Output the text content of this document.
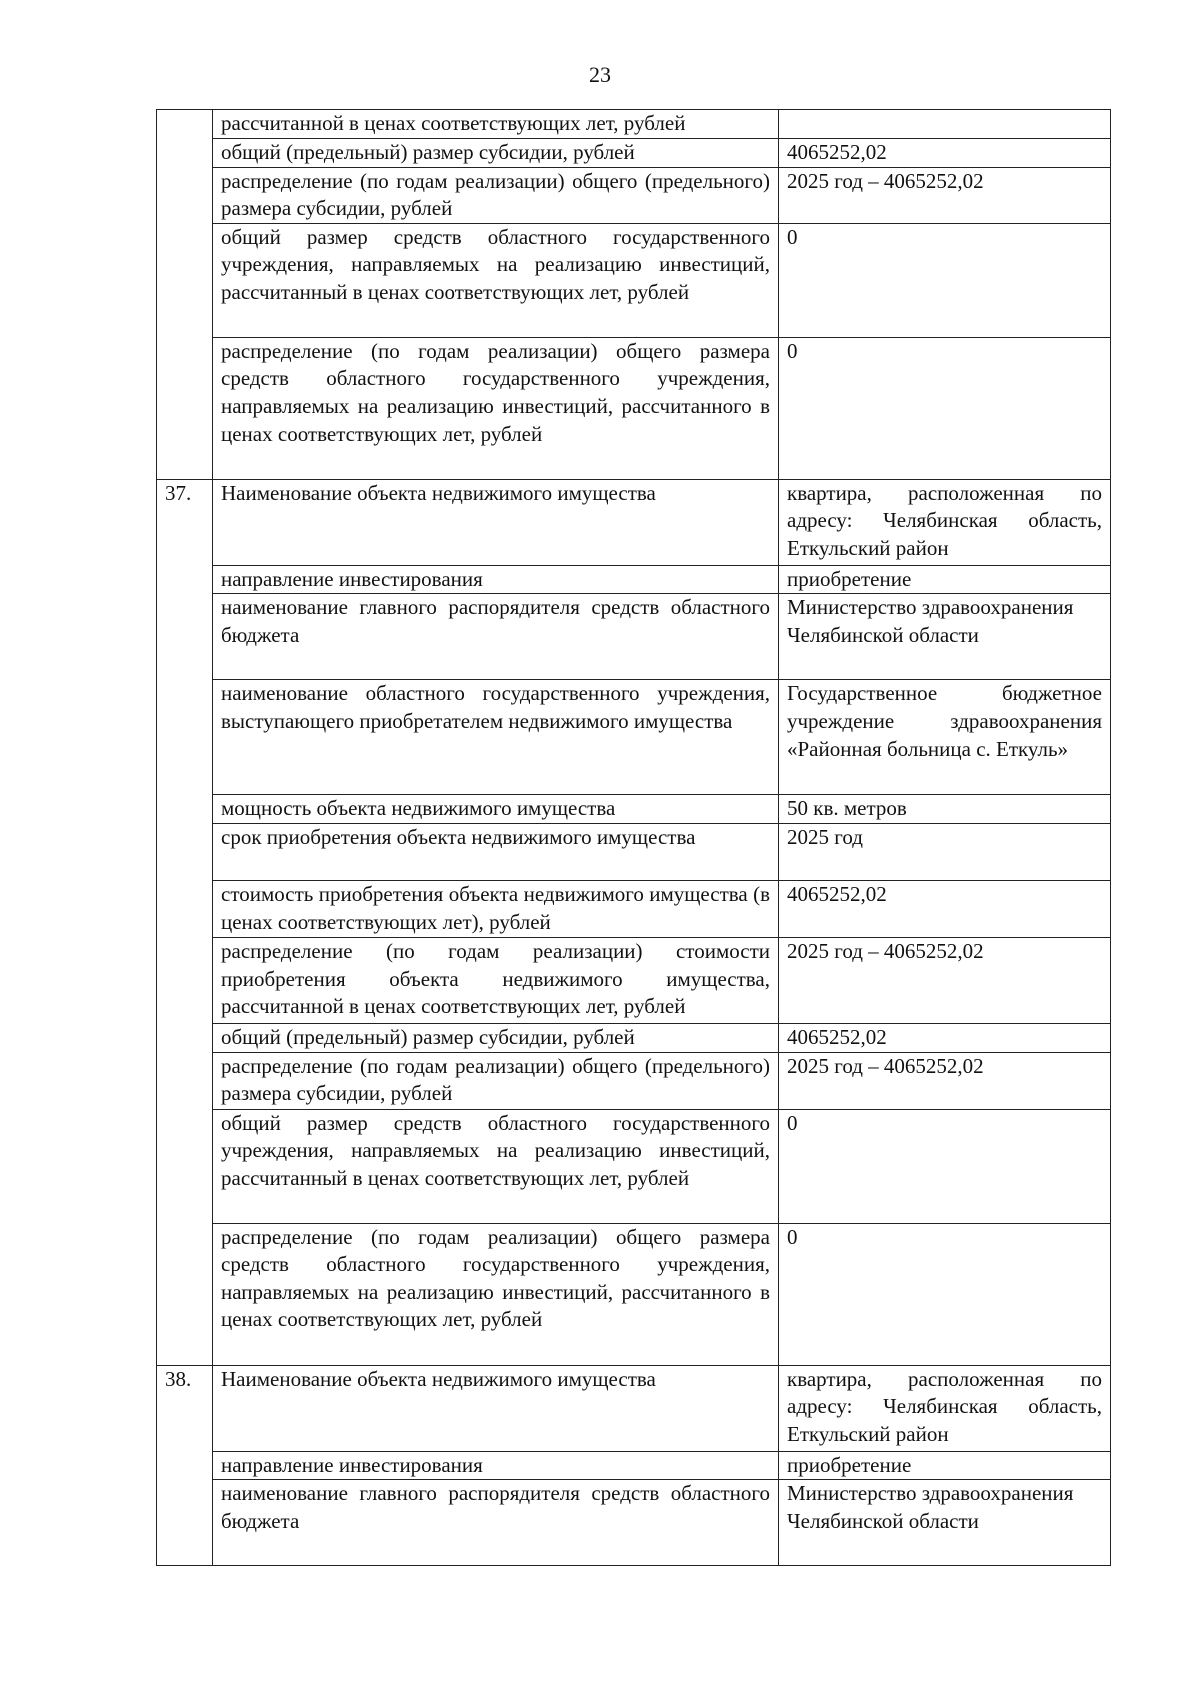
23
	рассчитанной в ценах соответствующих лет, рублей	
	общий (предельный) размер субсидии, рублей	4065252,02
	распределение (по годам реализации) общего (предельного) размера субсидии, рублей	2025 год – 4065252,02
	общий размер средств областного государственного учреждения, направляемых на реализацию инвестиций, рассчитанный в ценах соответствующих лет, рублей	0
	распределение (по годам реализации) общего размера средств областного государственного учреждения, направляемых на реализацию инвестиций, рассчитанного в ценах соответствующих лет, рублей	0
37.	Наименование объекта недвижимого имущества	квартира, расположенная по адресу: Челябинская область, Еткульский район
	направление инвестирования	приобретение
	наименование главного распорядителя средств областного бюджета	Министерство здравоохранения Челябинской области
	наименование областного государственного учреждения, выступающего приобретателем недвижимого имущества	Государственное бюджетное учреждение здравоохранения «Районная больница с. Еткуль»
	мощность объекта недвижимого имущества	50 кв. метров
	срок приобретения объекта недвижимого имущества	2025 год
	стоимость приобретения объекта недвижимого имущества (в ценах соответствующих лет), рублей	4065252,02
	распределение (по годам реализации) стоимости приобретения объекта недвижимого имущества, рассчитанной в ценах соответствующих лет, рублей	2025 год – 4065252,02
	общий (предельный) размер субсидии, рублей	4065252,02
	распределение (по годам реализации) общего (предельного) размера субсидии, рублей	2025 год – 4065252,02
	общий размер средств областного государственного учреждения, направляемых на реализацию инвестиций, рассчитанный в ценах соответствующих лет, рублей	0
	распределение (по годам реализации) общего размера средств областного государственного учреждения, направляемых на реализацию инвестиций, рассчитанного в ценах соответствующих лет, рублей	0
38.	Наименование объекта недвижимого имущества	квартира, расположенная по адресу: Челябинская область, Еткульский район
	направление инвестирования	приобретение
	наименование главного распорядителя средств областного бюджета	Министерство здравоохранения Челябинской области
